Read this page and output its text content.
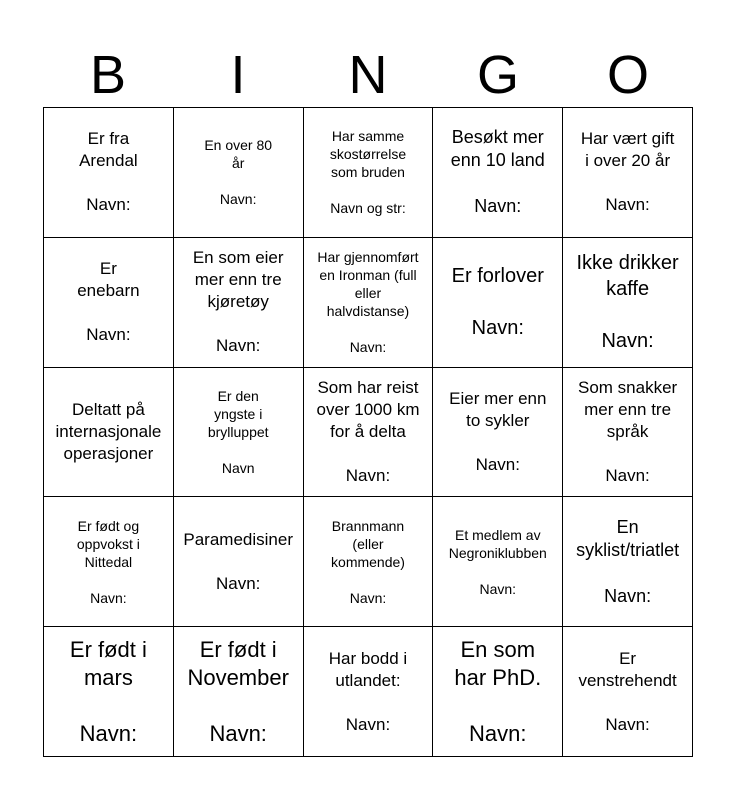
B	I	N	G	O
Er fra
Arendal

Navn:
En over 80
år

Navn:
Har samme
skostørrelse
som bruden

Navn og str:
Besøkt mer
enn 10 land

Navn:
Har vært gift
i over 20 år

Navn:
Er
enebarn

Navn:
En som eier
mer enn tre
kjøretøy

Navn:
Har gjennomført
en Ironman (full
eller
halvdistanse)

Navn:
Er forlover

Navn:
Ikke drikker
kaffe

Navn:
Deltatt på
internasjonale
operasjoner
Er den
yngste i
brylluppet

Navn
Som har reist
over 1000 km
for å delta

Navn:
Eier mer enn
to sykler

Navn:
Som snakker
mer enn tre
språk

Navn:
Er født og
oppvokst i
Nittedal

Navn:
Paramedisiner

Navn:
Brannmann
(eller
kommende)

Navn:
Et medlem av
Negroniklubben

Navn:
En
syklist/triatlet

Navn:
Er født i
mars

Navn:
Er født i
November

Navn:
Har bodd i
utlandet:

Navn:
En som
har PhD.

Navn:
Er
venstrehendt

Navn:
